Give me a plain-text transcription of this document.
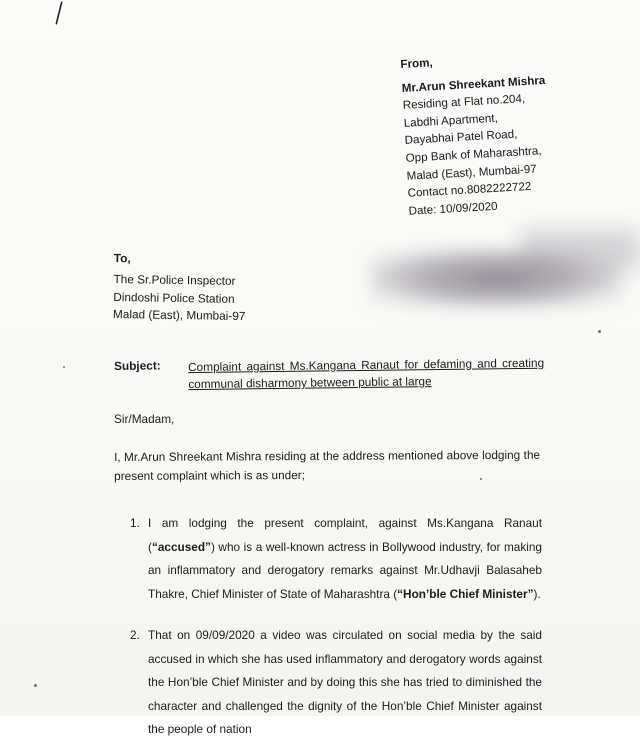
From,
Mr.Arun Shreekant Mishra
Residing at Flat no.204,
Labdhi Apartment,
Dayabhai Patel Road,
Opp Bank of Maharashtra,
Malad (East), Mumbai-97
Contact no.8082222722
Date: 10/09/2020
To,
The Sr.Police Inspector
Dindoshi Police Station
Malad (East), Mumbai-97
Subject: Complaint against Ms.Kangana Ranaut for defaming and creating communal disharmony between public at large
Sir/Madam,
I, Mr.Arun Shreekant Mishra residing at the address mentioned above lodging the present complaint which is as under;
1. I am lodging the present complaint, against Ms.Kangana Ranaut (“accused”) who is a well-known actress in Bollywood industry, for making an inflammatory and derogatory remarks against Mr.Udhavji Balasaheb Thakre, Chief Minister of State of Maharashtra (“Hon’ble Chief Minister”).
2. That on 09/09/2020 a video was circulated on social media by the said accused in which she has used inflammatory and derogatory words against the Hon’ble Chief Minister and by doing this she has tried to diminished the character and challenged the dignity of the Hon’ble Chief Minister against the people of nation
